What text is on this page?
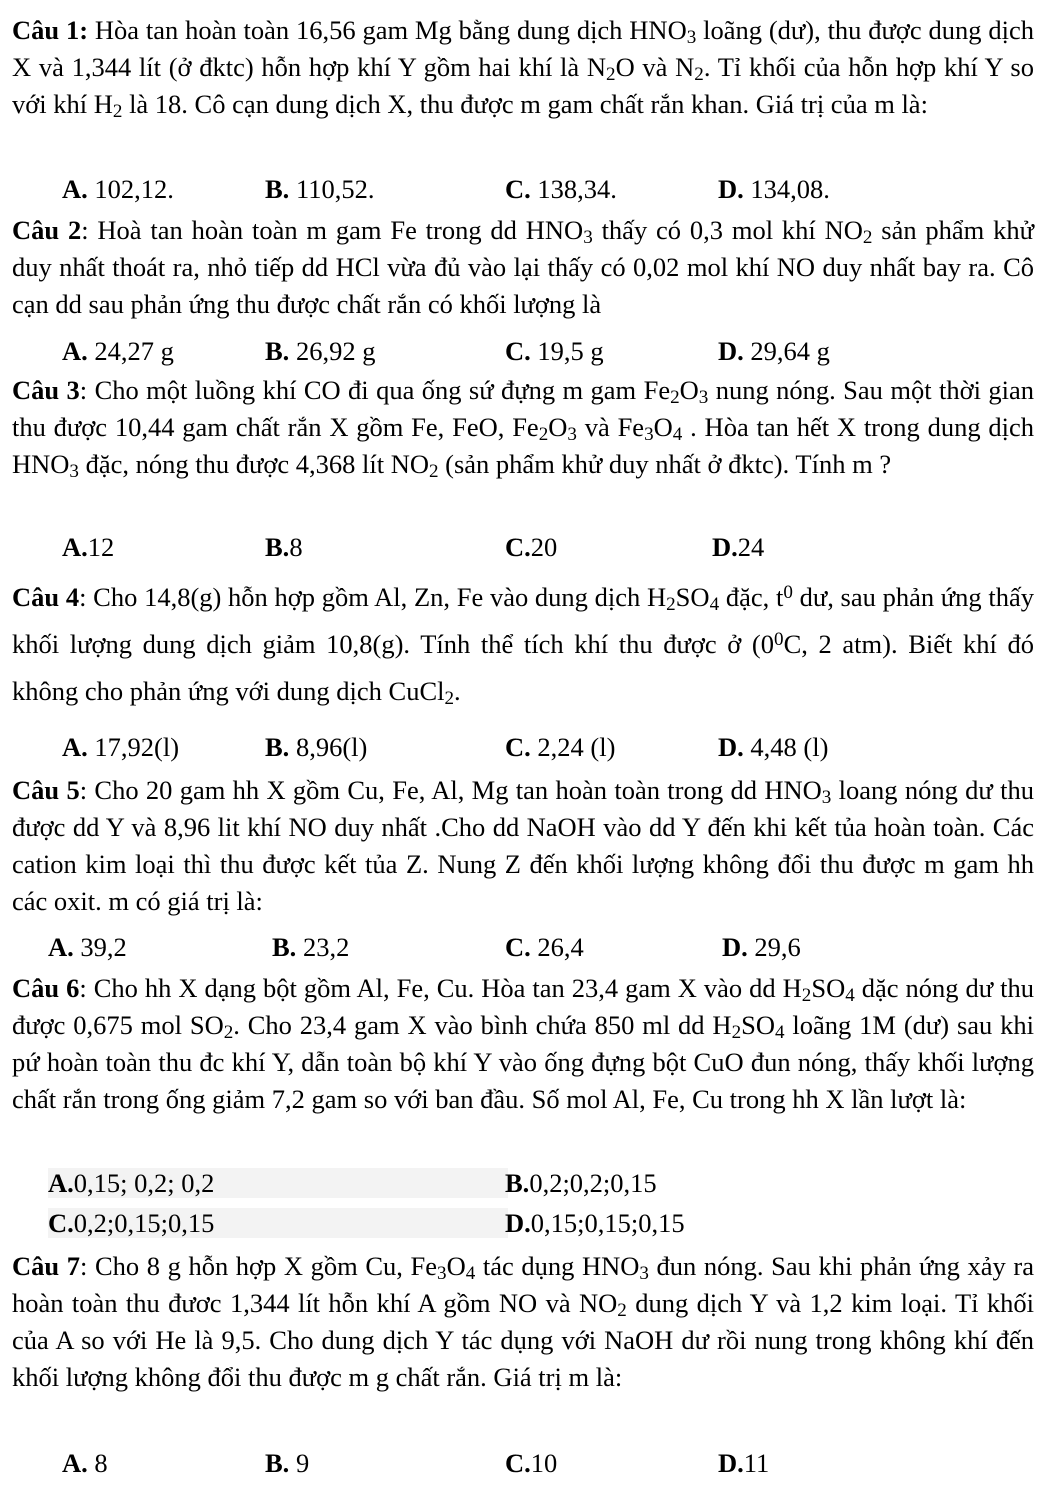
Câu 1: Hòa tan hoàn toàn 16,56 gam Mg bằng dung dịch $HNO_3$ loãng (dư), thu được dung dịch X và 1,344 lít (ở đktc) hỗn hợp khí Y gồm hai khí là $N_2O$ và $N_2$. Tỉ khối của hỗn hợp khí Y so với khí $H_2$ là 18. Cô cạn dung dịch X, thu được m gam chất rắn khan. Giá trị của m là:
A. 102,12.	B. 110,52.	C. 138,34.	D. 134,08.
Câu 2: Hoà tan hoàn toàn m gam Fe trong dd $HNO_3$ thấy có 0,3 mol khí $NO_2$ sản phẩm khử duy nhất thoát ra, nhỏ tiếp dd HCl vừa đủ vào lại thấy có 0,02 mol khí NO duy nhất bay ra. Cô cạn dd sau phản ứng thu được chất rắn có khối lượng là
A. 24,27 g	B. 26,92 g	C. 19,5 g	D. 29,64 g
Câu 3: Cho một luồng khí CO đi qua ống sứ đựng m gam $Fe_2O_3$ nung nóng. Sau một thời gian thu được 10,44 gam chất rắn X gồm Fe, FeO, $Fe_2O_3$ và $Fe_3O_4$ . Hòa tan hết X trong dung dịch $HNO_3$ đặc, nóng thu được 4,368 lít $NO_2$ (sản phẩm khử duy nhất ở đktc). Tính m ?
A.12	B.8	C.20	D.24
Câu 4: Cho 14,8(g) hỗn hợp gồm Al, Zn, Fe vào dung dịch $H_2SO_4$ đặc, $t^0$ dư, sau phản ứng thấy khối lượng dung dịch giảm 10,8(g). Tính thể tích khí thu được ở ($0^0C$, 2 atm). Biết khí đó không cho phản ứng với dung dịch CuCl$_2$.
A. 17,92(l)	B. 8,96(l)	C. 2,24 (l)	D. 4,48 (l)
Câu 5: Cho 20 gam hh X gồm Cu, Fe, Al, Mg tan hoàn toàn trong dd $HNO_3$ loang nóng dư thu được dd Y và 8,96 lit khí NO duy nhất .Cho dd NaOH vào dd Y đến khi kết tủa hoàn toàn. Các cation kim loại thì thu được kết tủa Z. Nung Z đến khối lượng không đổi thu được m gam hh các oxit. m có giá trị là:
A. 39,2	B. 23,2	C. 26,4	D. 29,6
Câu 6: Cho hh X dạng bột gồm Al, Fe, Cu. Hòa tan 23,4 gam X vào dd $H_2SO_4$ dặc nóng dư thu được 0,675 mol $SO_2$. Cho 23,4 gam X vào bình chứa 850 ml dd $H_2SO_4$ loãng 1M (dư) sau khi pứ hoàn toàn thu đc khí Y, dẫn toàn bộ khí Y vào ống đựng bột CuO đun nóng, thấy khối lượng chất rắn trong ống giảm 7,2 gam so với ban đầu. Số mol Al, Fe, Cu trong hh X lần lượt là:
A.0,15; 0,2; 0,2	B.0,2;0,2;0,15
C.0,2;0,15;0,15	D.0,15;0,15;0,15
Câu 7: Cho 8 g hỗn hợp X gồm Cu, $Fe_3O_4$ tác dụng $HNO_3$ đun nóng. Sau khi phản ứng xảy ra hoàn toàn thu đươc 1,344 lít hỗn khí A gồm NO và $NO_2$ dung dịch Y và 1,2 kim loại. Tỉ khối của A so với He là 9,5. Cho dung dịch Y tác dụng với NaOH dư rồi nung trong không khí đến khối lượng không đổi thu được m g chất rắn. Giá trị m là:
A. 8	B. 9	C.10	D.11
